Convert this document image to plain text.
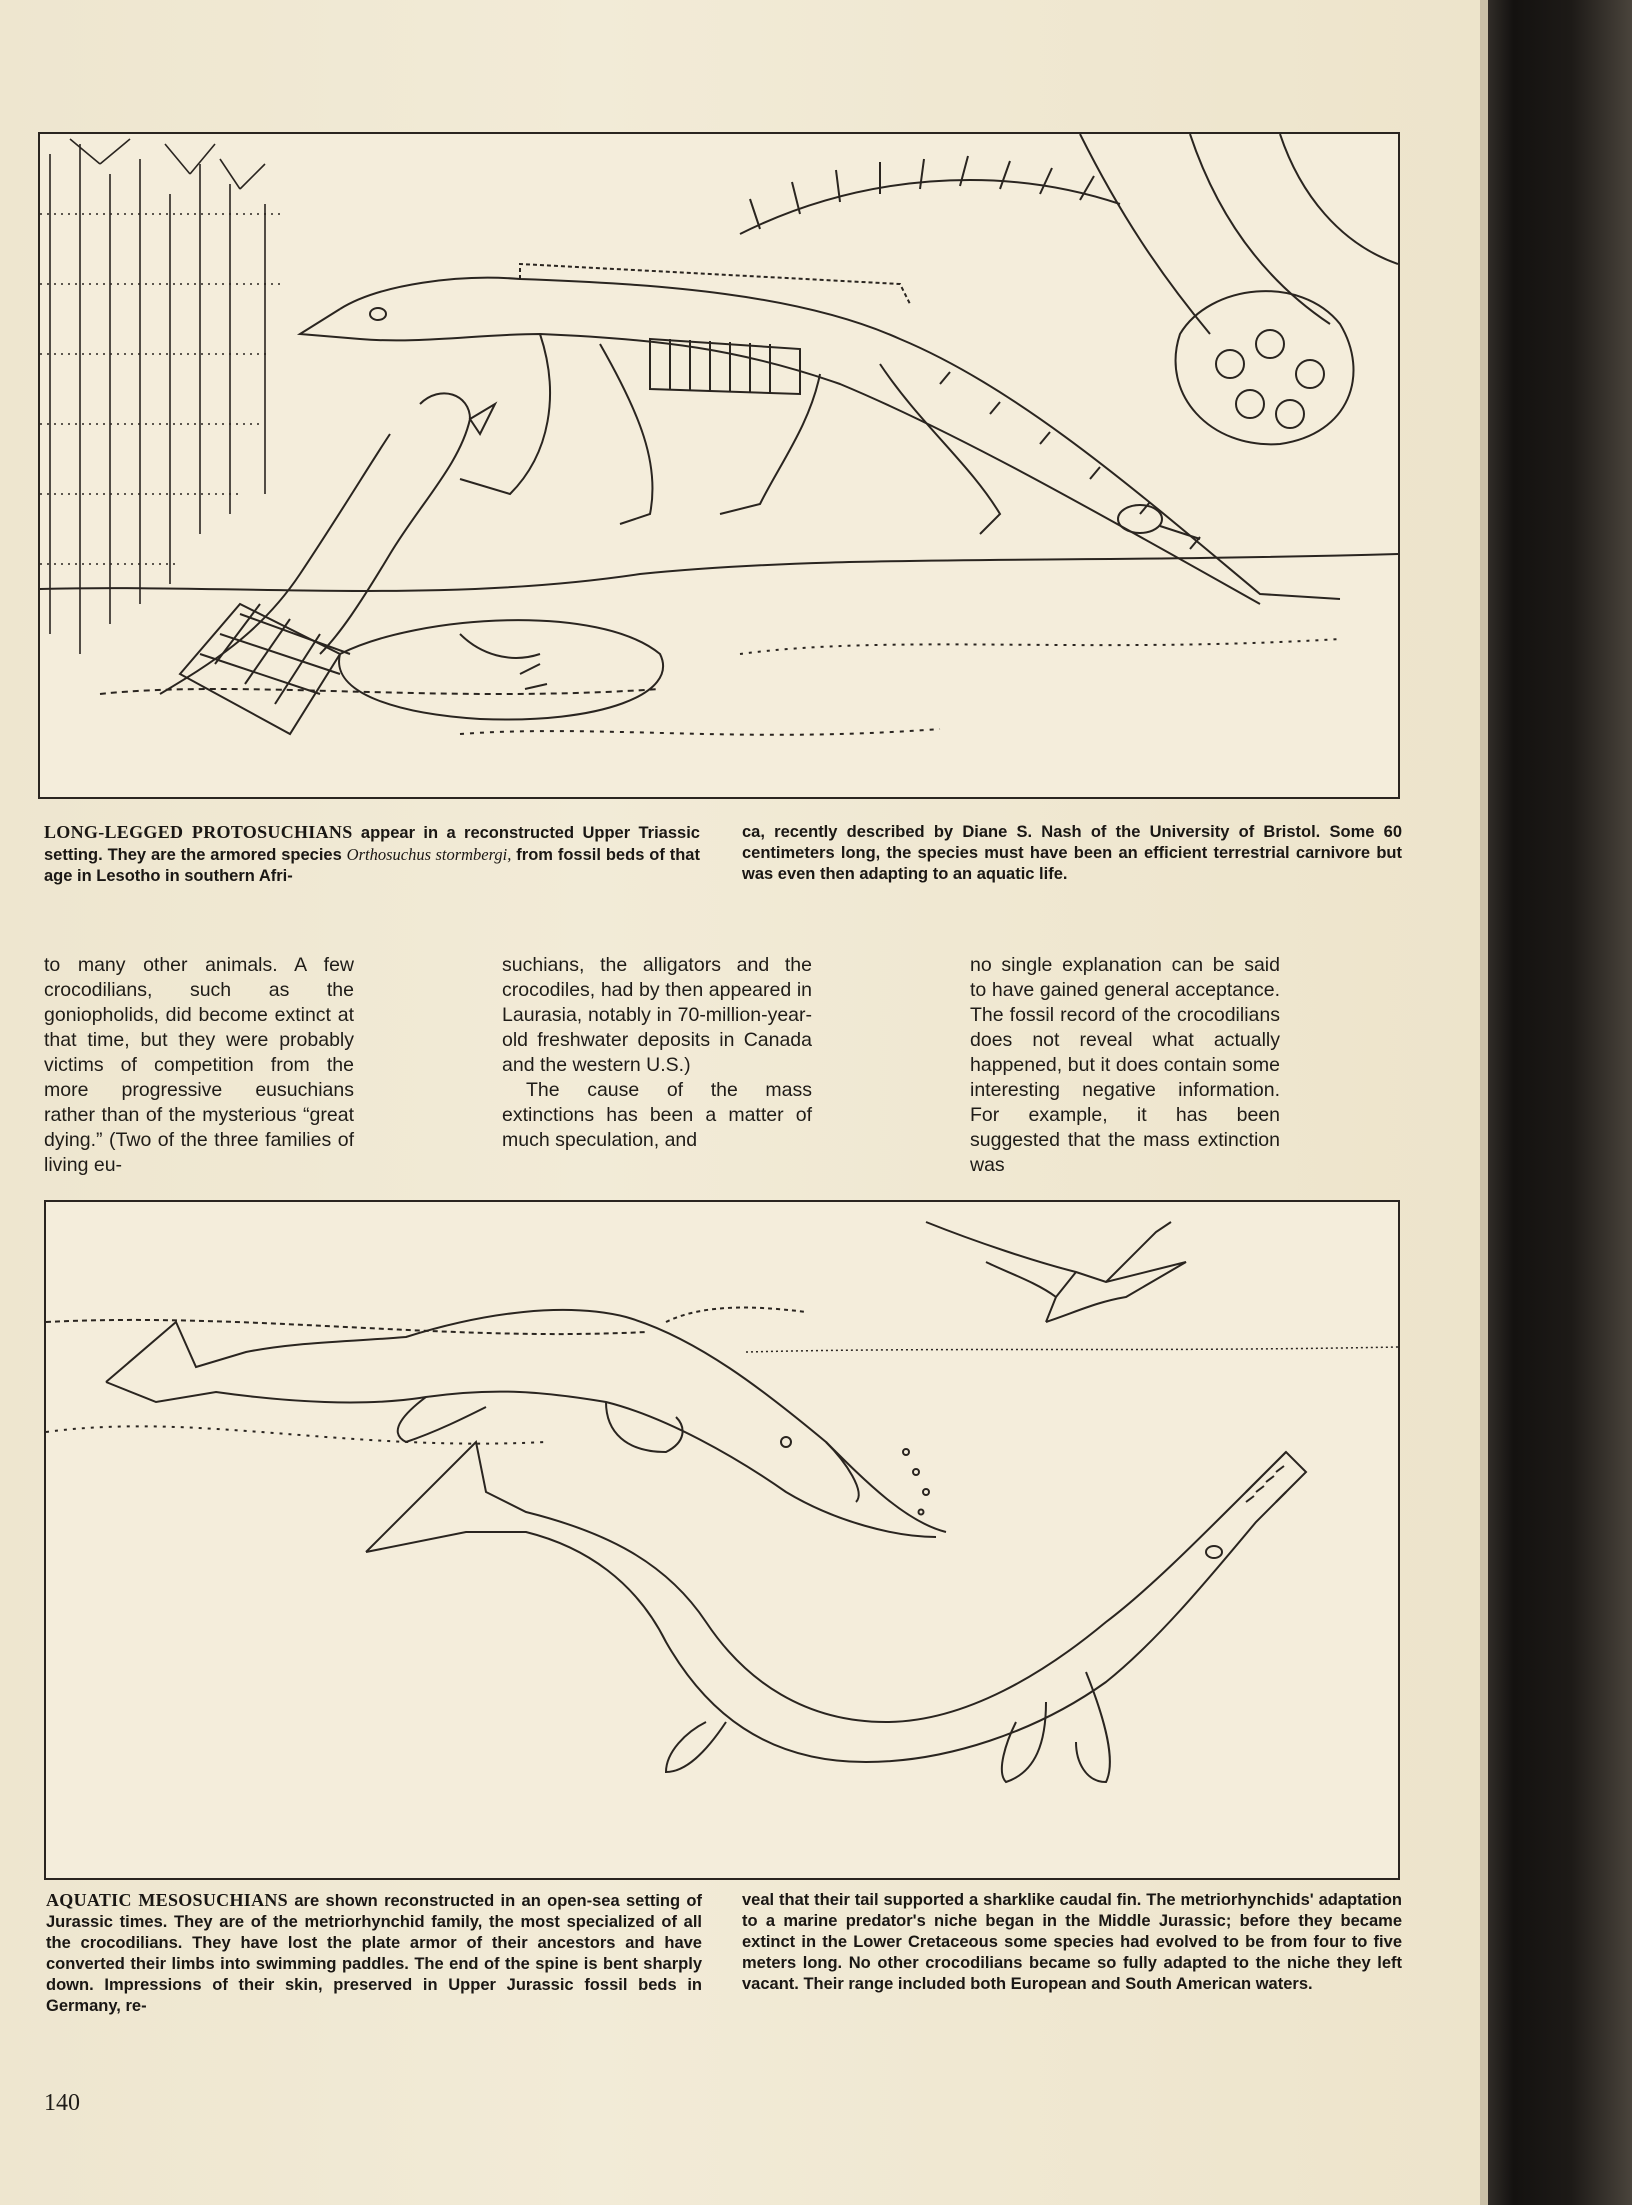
LONG-LEGGED PROTOSUCHIANS appear in a reconstructed Upper Triassic setting. They are the armored species Orthosuchus stormbergi, from fossil beds of that age in Lesotho in southern Afri-
ca, recently described by Diane S. Nash of the University of Bristol. Some 60 centimeters long, the species must have been an efficient terrestrial carnivore but was even then adapting to an aquatic life.

to many other animals. A few crocodilians, such as the goniopholids, did become extinct at that time, but they were probably victims of competition from the more progressive eusuchians rather than of the mysterious “great dying.” (Two of the three families of living eu-

suchians, the alligators and the crocodiles, had by then appeared in Laurasia, notably in 70-million-year-old freshwater deposits in Canada and the western U.S.)

The cause of the mass extinctions has been a matter of much speculation, and

no single explanation can be said to have gained general acceptance. The fossil record of the crocodilians does not reveal what actually happened, but it does contain some interesting negative information. For example, it has been suggested that the mass extinction was

AQUATIC MESOSUCHIANS are shown reconstructed in an open-sea setting of Jurassic times. They are of the metriorhynchid family, the most specialized of all the crocodilians. They have lost the plate armor of their ancestors and have converted their limbs into swimming paddles. The end of the spine is bent sharply down. Impressions of their skin, preserved in Upper Jurassic fossil beds in Germany, re-
veal that their tail supported a sharklike caudal fin. The metriorhynchids' adaptation to a marine predator's niche began in the Middle Jurassic; before they became extinct in the Lower Cretaceous some species had evolved to be from four to five meters long. No other crocodilians became so fully adapted to the niche they left vacant. Their range included both European and South American waters.
140
